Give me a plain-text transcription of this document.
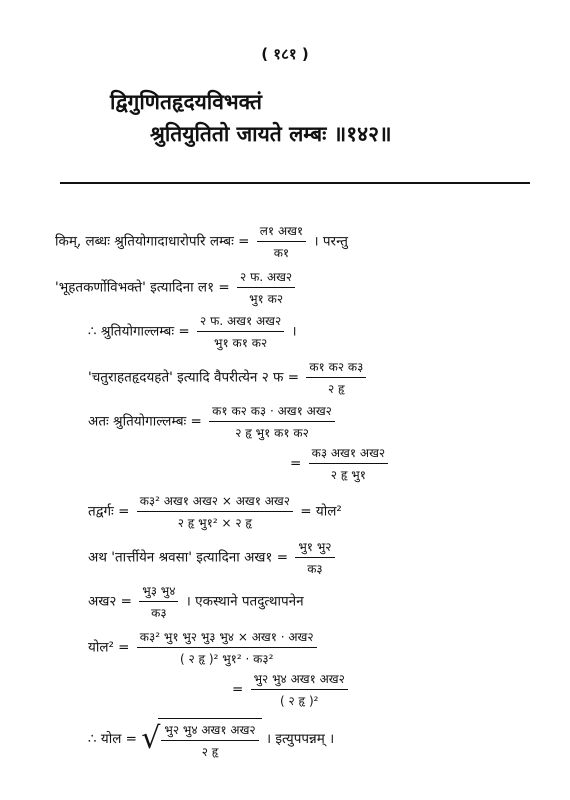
( १८१ )
द्विगुणितहृदयविभक्तं
श्रुतियुतितो जायते लम्बः ॥१४२॥
किम्, लब्धः श्रुतियोगादाधारोपरि लम्बः = $\frac{\text{ल१ अख१}}{\text{क१}}$ । परन्तु
'भूहतकर्णोविभक्ते' इत्यादिना ल१ = $\frac{\text{२ फ. अख२}}{\text{भु१ क२}}$
∴ श्रुतियोगाल्लम्बः = $\frac{\text{२ फ. अख१ अख२}}{\text{भु१ क१ क२}}$ ।
'चतुराहतहृदयहते' इत्यादि वैपरीत्येन २ फ = $\frac{\text{क१ क२ क३}}{\text{२ हृ}}$
अतः श्रुतियोगाल्लम्बः = $\frac{\text{क१ क२ क३ · अख१ अख२}}{\text{२ हृ भु१ क१ क२}}$
= $\frac{\text{क३ अख१ अख२}}{\text{२ हृ भु१}}$
तद्वर्गः = $\frac{\text{क३² अख१ अख२ × अख१ अख२}}{\text{२ हृ भु१² × २ हृ}}$ = योल²
अथ 'तार्त्तीयेन श्रवसा' इत्यादिना अख१ = $\frac{\text{भु१ भु२}}{\text{क३}}$
अख२ = $\frac{\text{भु३ भु४}}{\text{क३}}$ । एकस्थाने पतदुत्थापनेन
योल² = $\frac{\text{क३² भु१ भु२ भु३ भु४ × अख१ · अख२}}{\text{( २ हृ )² भु१² · क३²}}$
= $\frac{\text{भु२ भु४ अख१ अख२}}{\text{( २ हृ )²}}$
∴ योल = √ $\frac{\text{भु२ भु४ अख१ अख२}}{\text{२ हृ}}$ । इत्युपपन्नम् ।
